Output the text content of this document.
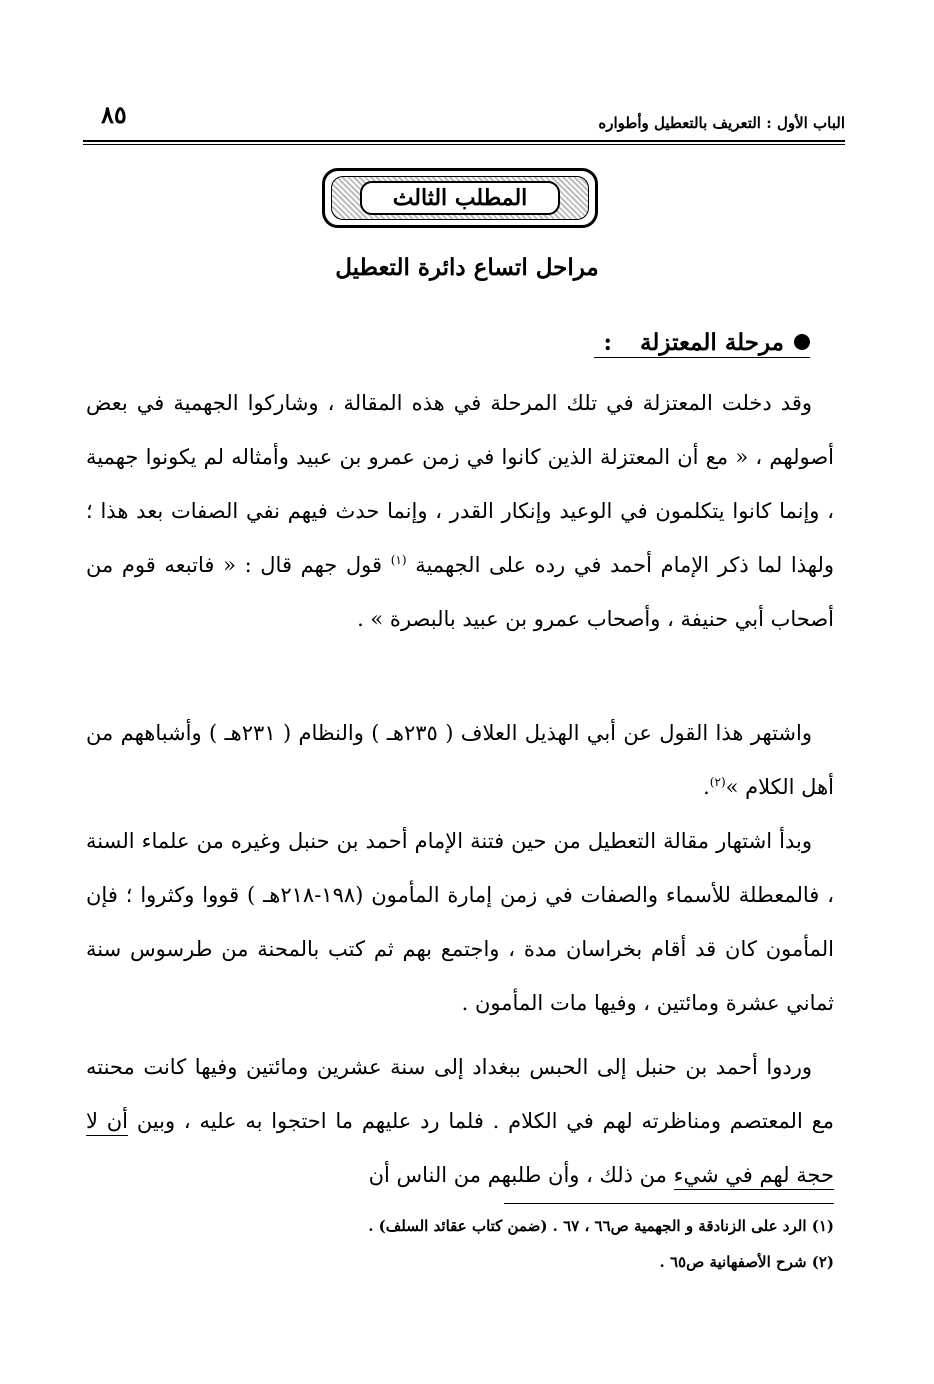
٨٥	الباب الأول : التعريف بالتعطيل وأطواره
المطلب الثالث
مراحل اتساع دائرة التعطيل
مرحلة المعتزلة
:
وقد دخلت المعتزلة في تلك المرحلة في هذه المقالة ، وشاركوا الجهمية في بعض أصولهم ، « مع أن المعتزلة الذين كانوا في زمن عمرو بن عبيد وأمثاله لم يكونوا جهمية ، وإنما كانوا يتكلمون في الوعيد وإنكار القدر ، وإنما حدث فيهم نفي الصفات بعد هذا ؛ ولهذا لما ذكر الإمام أحمد في رده على الجهمية $^{(١)}$ قول جهم قال : « فاتبعه قوم من أصحاب أبي حنيفة ، وأصحاب عمرو بن عبيد بالبصرة » .
واشتهر هذا القول عن أبي الهذيل العلاف ( ٢٣٥هـ ) والنظام ( ٢٣١هـ ) وأشباههم من أهل الكلام »$^{(٢)}$.
وبدأ اشتهار مقالة التعطيل من حين فتنة الإمام أحمد بن حنبل وغيره من علماء السنة ، فالمعطلة للأسماء والصفات في زمن إمارة المأمون (١٩٨-٢١٨هـ ) قووا وكثروا ؛ فإن المأمون كان قد أقام بخراسان مدة ، واجتمع بهم ثم كتب بالمحنة من طرسوس سنة ثماني عشرة ومائتين ، وفيها مات المأمون .
وردوا أحمد بن حنبل إلى الحبس ببغداد إلى سنة عشرين ومائتين وفيها كانت محنته مع المعتصم ومناظرته لهم في الكلام . فلما رد عليهم ما احتجوا به عليه ، وبين أن لا حجة لهم في شيء من ذلك ، وأن طلبهم من الناس أن
(١) الرد على الزنادقة و الجهمية ص٦٦ ، ٦٧ . (ضمن كتاب عقائد السلف) .
(٢) شرح الأصفهانية ص٦٥ .
